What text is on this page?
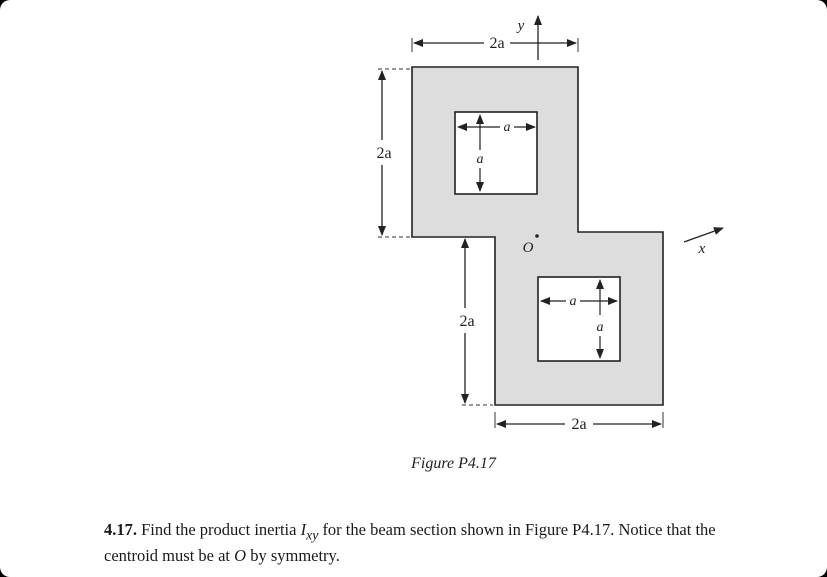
2a
2a
a
a
2a
a
a
2a
y
x
O
Figure P4.17
4.17. Find the product inertia $I_{xy}$ for the beam section shown in Figure P4.17. Notice that the centroid must be at O by symmetry.
